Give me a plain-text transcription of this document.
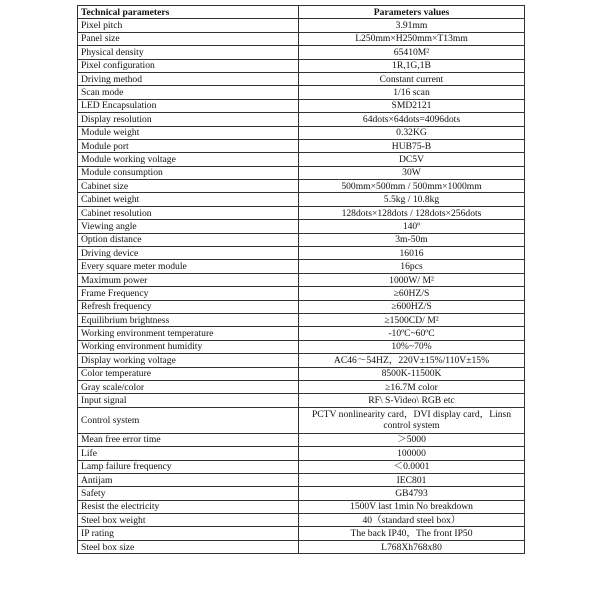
Technical parameters	Parameters values
Pixel pitch	3.91mm
Panel size	L250mm×H250mm×T13mm
Physical density	65410M²
Pixel configuration	1R,1G,1B
Driving method	Constant current
Scan mode	1/16 scan
LED Encapsulation	SMD2121
Display resolution	64dots×64dots=4096dots
Module weight	0.32KG
Module port	HUB75-B
Module working voltage	DC5V
Module consumption	30W
Cabinet size	500mm×500mm / 500mm×1000mm
Cabinet weight	5.5kg / 10.8kg
Cabinet resolution	128dots×128dots / 128dots×256dots
Viewing angle	140º
Option distance	3m-50m
Driving device	16016
Every square meter module	16pcs
Maximum power	1000W/ M²
Frame Frequency	≥60HZ/S
Refresh frequency	≥600HZ/S
Equilibrium brightness	≥1500CD/ M²
Working environment temperature	-10ºC~60ºC
Working environment humidity	10%~70%
Display working voltage	AC46～54HZ，220V±15%/110V±15%
Color temperature	8500K-11500K
Gray scale/color	≥16.7M color
Input signal	RF\ S-Video\ RGB etc
Control system	PCTV nonlinearity card，DVI display card，Linsn control system
Mean free error time	＞5000
Life	100000
Lamp failure frequency	＜0.0001
Antijam	IEC801
Safety	GB4793
Resist the electricity	1500V last 1min No breakdown
Steel box weight	40（standard steel box）
IP rating	The back IP40，The front IP50
Steel box size	L768Xh768x80
